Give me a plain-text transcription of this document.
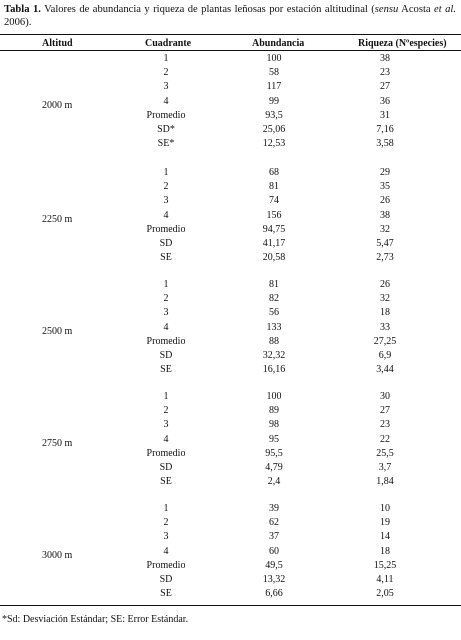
Tabla 1. Valores de abundancia y riqueza de plantas leñosas por estación altitudinal (sensu Acosta et al. 2006).
Altitud	Cuadrante	Abundancia	Riqueza (Nºespecies)
2000 m
1	100	38
2	58	23
3	117	27
4	99	36
Promedio	93,5	31
SD*	25,06	7,16
SE*	12,53	3,58
2250 m
1	68	29
2	81	35
3	74	26
4	156	38
Promedio	94,75	32
SD	41,17	5,47
SE	20,58	2,73
2500 m
1	81	26
2	82	32
3	56	18
4	133	33
Promedio	88	27,25
SD	32,32	6,9
SE	16,16	3,44
2750 m
1	100	30
2	89	27
3	98	23
4	95	22
Promedio	95,5	25,5
SD	4,79	3,7
SE	2,4	1,84
3000 m
1	39	10
2	62	19
3	37	14
4	60	18
Promedio	49,5	15,25
SD	13,32	4,11
SE	6,66	2,05
*Sd: Desviación Estándar; SE: Error Estándar.
